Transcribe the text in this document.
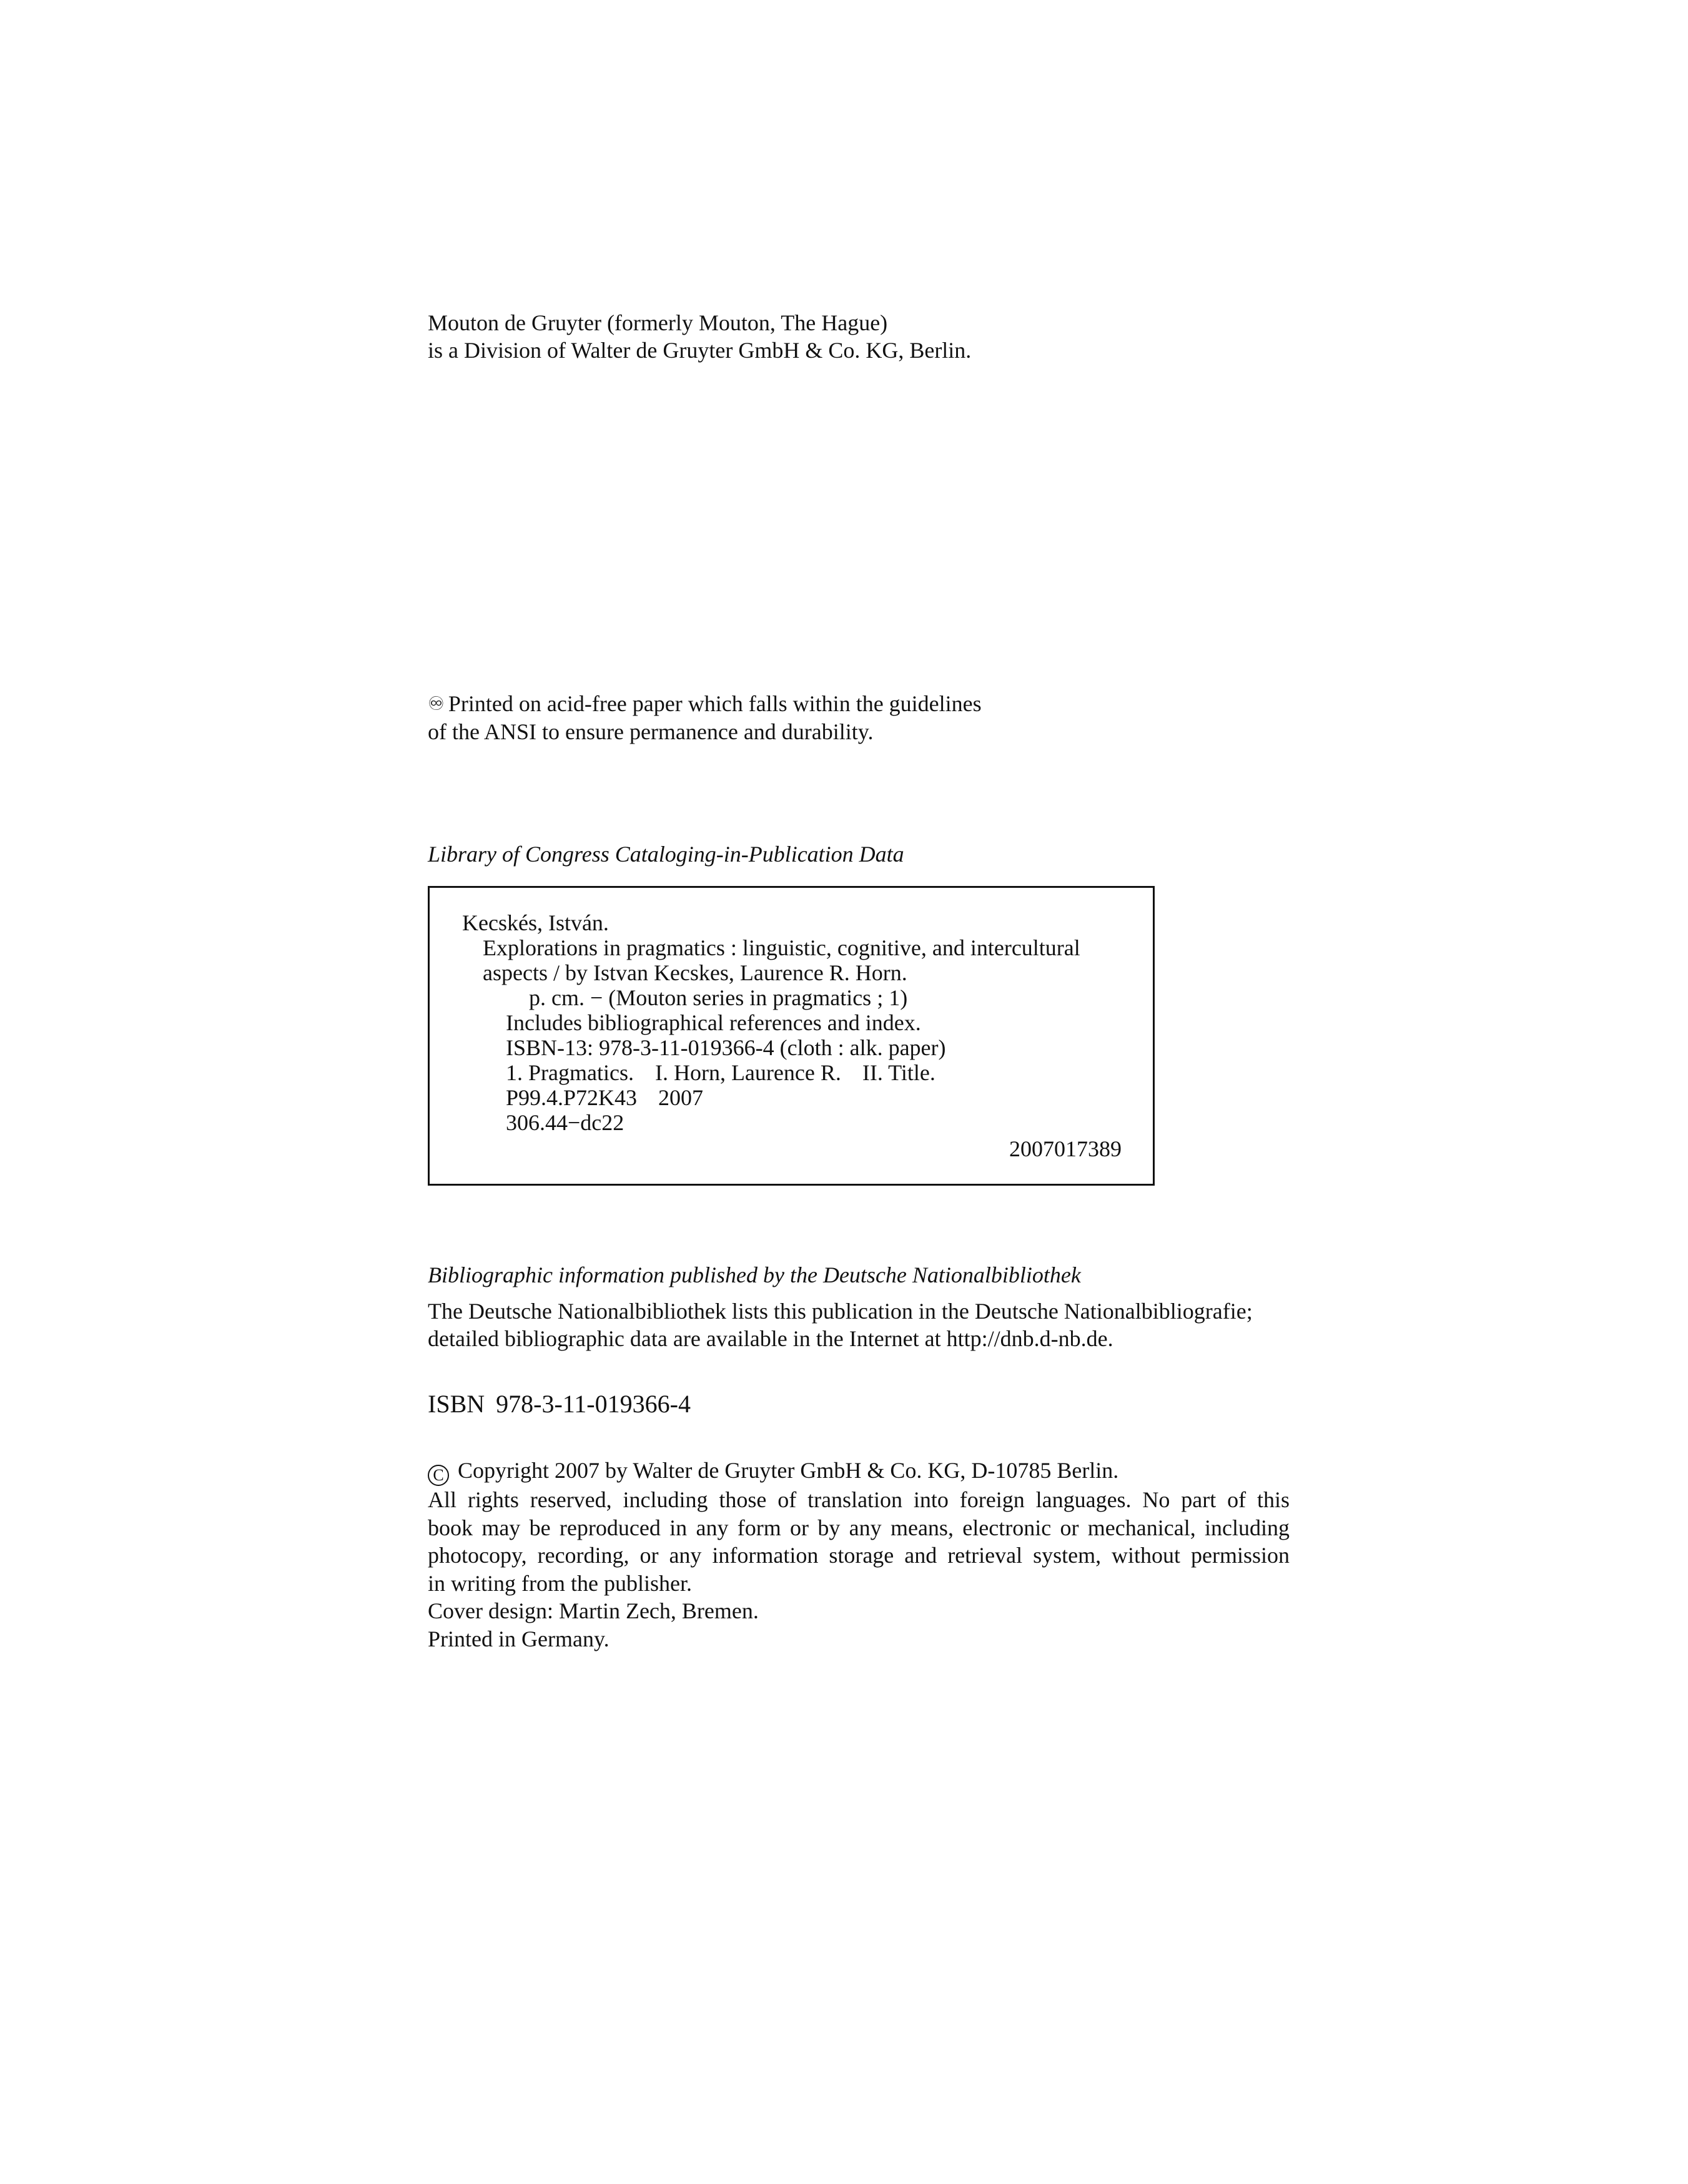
Mouton de Gruyter (formerly Mouton, The Hague)
is a Division of Walter de Gruyter GmbH & Co. KG, Berlin.
♾ Printed on acid-free paper which falls within the guidelines
of the ANSI to ensure permanence and durability.
Library of Congress Cataloging-in-Publication Data
Kecskés, István.
Explorations in pragmatics : linguistic, cognitive, and intercultural
aspects / by Istvan Kecskes, Laurence R. Horn.
p. cm. − (Mouton series in pragmatics ; 1)
Includes bibliographical references and index.
ISBN-13: 978-3-11-019366-4 (cloth : alk. paper)
1. Pragmatics. I. Horn, Laurence R. II. Title.
P99.4.P72K43 2007
306.44−dc22
2007017389
Bibliographic information published by the Deutsche Nationalbibliothek
The Deutsche Nationalbibliothek lists this publication in the Deutsche Nationalbibliografie;
detailed bibliographic data are available in the Internet at http://dnb.d-nb.de.
ISBN 978-3-11-019366-4
C Copyright 2007 by Walter de Gruyter GmbH & Co. KG, D-10785 Berlin.
All rights reserved, including those of translation into foreign languages. No part of this
book may be reproduced in any form or by any means, electronic or mechanical, including
photocopy, recording, or any information storage and retrieval system, without permission
in writing from the publisher.
Cover design: Martin Zech, Bremen.
Printed in Germany.
